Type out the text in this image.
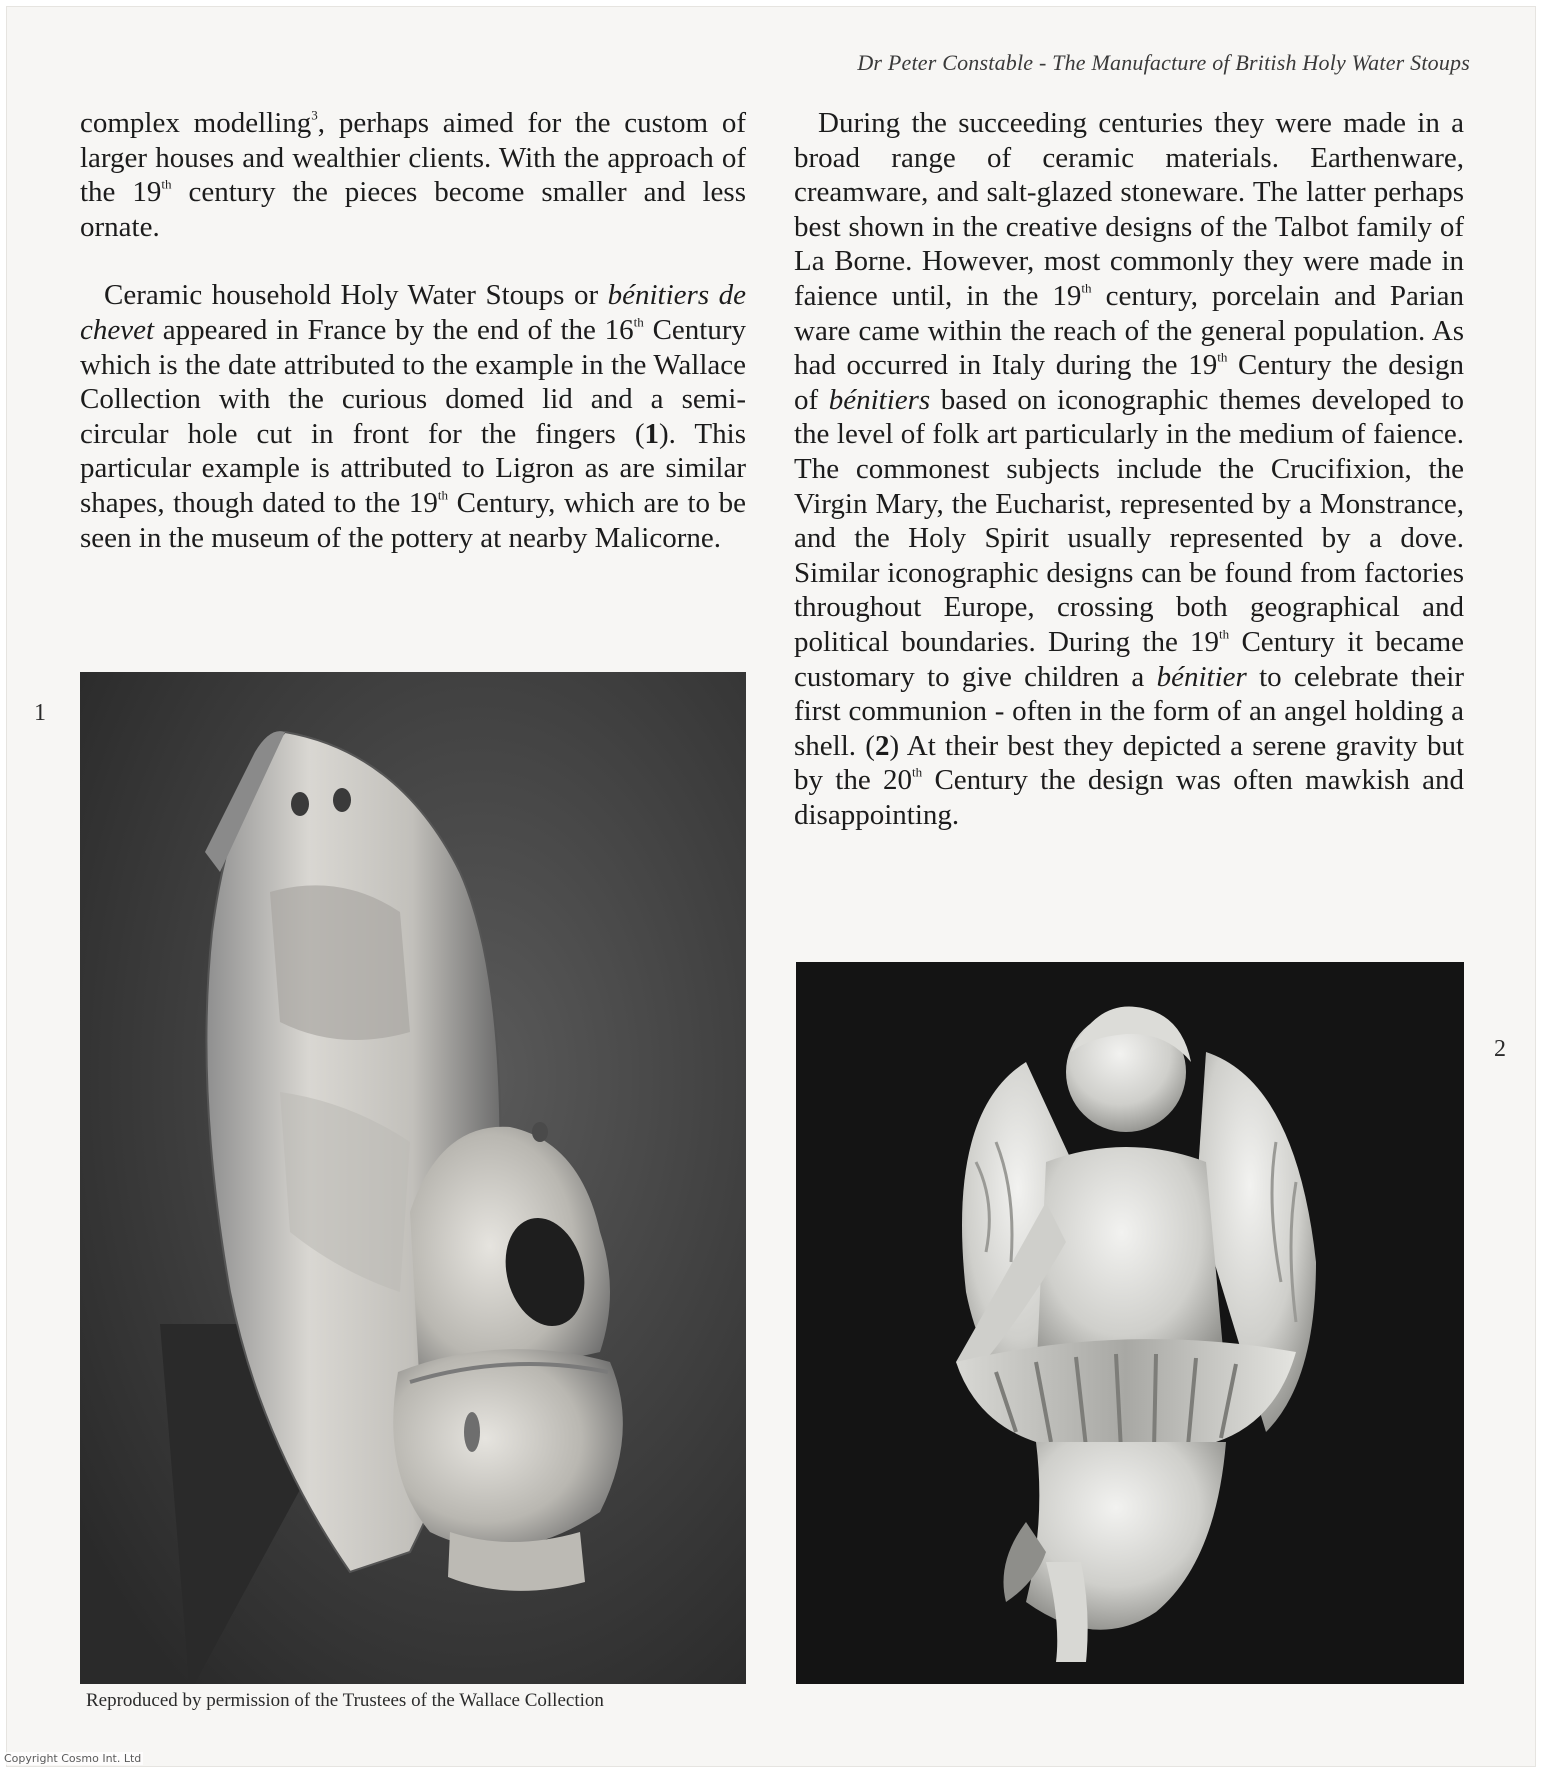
Dr Peter Constable - The Manufacture of British Holy Water Stoups

complex modelling$^3$, perhaps aimed for the custom of larger houses and wealthier clients. With the approach of the 19th century the pieces become smaller and less ornate.

Ceramic household Holy Water Stoups or bénitiers de chevet appeared in France by the end of the 16th Century which is the date attributed to the example in the Wallace Collection with the curious domed lid and a semi-circular hole cut in front for the fingers (1). This particular example is attributed to Ligron as are similar shapes, though dated to the 19th Century, which are to be seen in the museum of the pottery at nearby Malicorne.

During the succeeding centuries they were made in a broad range of ceramic materials. Earthenware, creamware, and salt-glazed stoneware. The latter perhaps best shown in the creative designs of the Talbot family of La Borne. However, most commonly they were made in faience until, in the 19th century, porcelain and Parian ware came within the reach of the general population. As had occurred in Italy during the 19th Century the design of bénitiers based on iconographic themes developed to the level of folk art particularly in the medium of faience. The commonest subjects include the Crucifixion, the Virgin Mary, the Eucharist, represented by a Monstrance, and the Holy Spirit usually represented by a dove. Similar iconographic designs can be found from factories throughout Europe, crossing both geographical and political boundaries. During the 19th Century it became customary to give children a bénitier to celebrate their first communion - often in the form of an angel holding a shell. (2) At their best they depicted a serene gravity but by the 20th Century the design was often mawkish and disappointing.

1
2
Reproduced by permission of the Trustees of the Wallace Collection
Copyright Cosmo Int. Ltd
